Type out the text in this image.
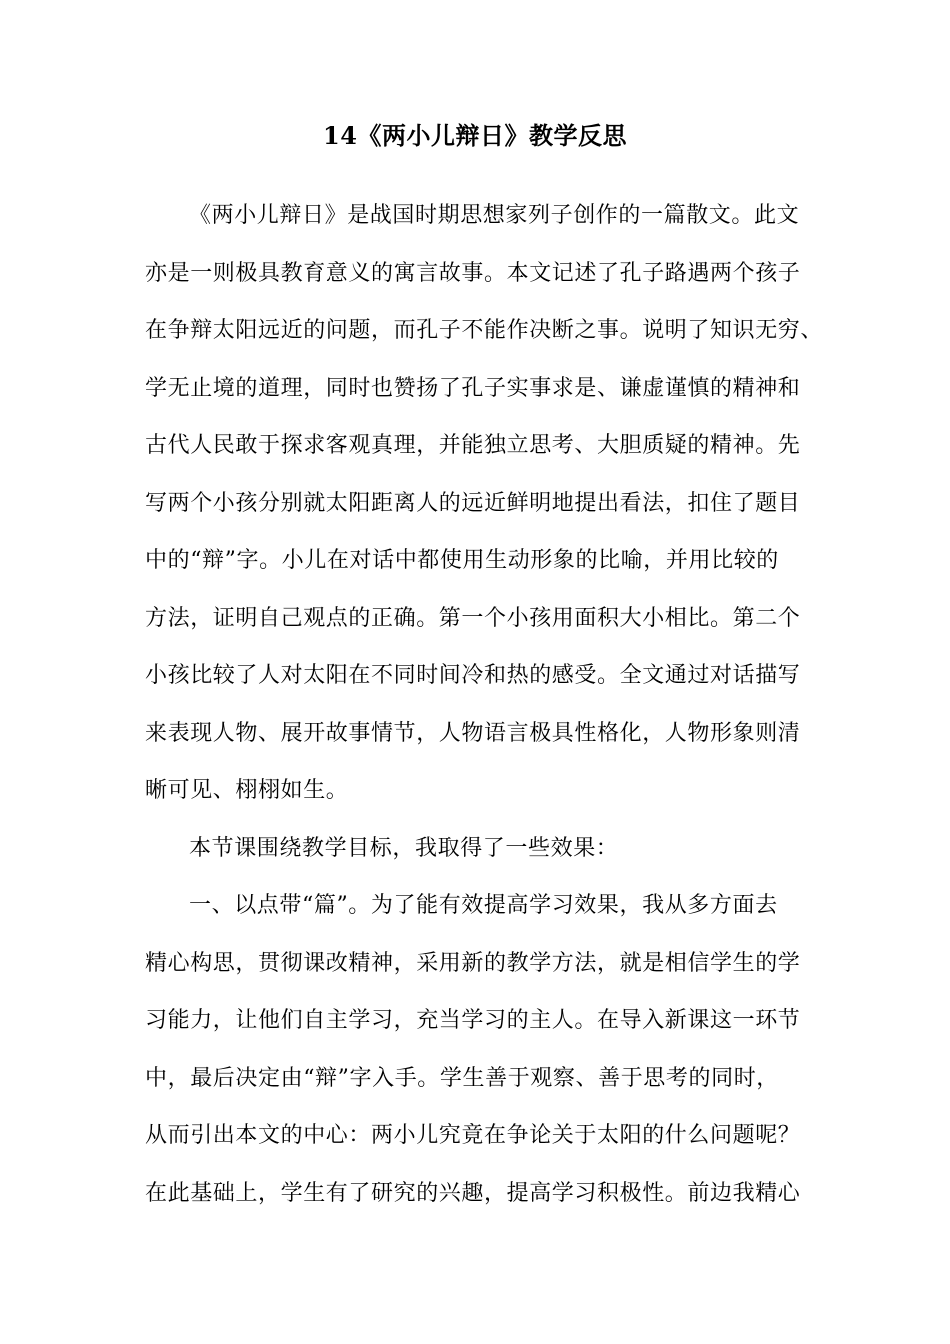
14《两小儿辩日》教学反思
《两小儿辩日》是战国时期思想家列子创作的一篇散文。此文
亦是一则极具教育意义的寓言故事。本文记述了孔子路遇两个孩子
在争辩太阳远近的问题，而孔子不能作决断之事。说明了知识无穷、
学无止境的道理，同时也赞扬了孔子实事求是、谦虚谨慎的精神和
古代人民敢于探求客观真理，并能独立思考、大胆质疑的精神。先
写两个小孩分别就太阳距离人的远近鲜明地提出看法，扣住了题目
中的“辩”字。小儿在对话中都使用生动形象的比喻，并用比较的
方法，证明自己观点的正确。第一个小孩用面积大小相比。第二个
小孩比较了人对太阳在不同时间冷和热的感受。全文通过对话描写
来表现人物、展开故事情节，人物语言极具性格化，人物形象则清
晰可见、栩栩如生。
本节课围绕教学目标，我取得了一些效果：
一、以点带“篇”。为了能有效提高学习效果，我从多方面去
精心构思，贯彻课改精神，采用新的教学方法，就是相信学生的学
习能力，让他们自主学习，充当学习的主人。在导入新课这一环节
中，最后决定由“辩”字入手。学生善于观察、善于思考的同时，
从而引出本文的中心：两小儿究竟在争论关于太阳的什么问题呢？
在此基础上，学生有了研究的兴趣，提高学习积极性。前边我精心
